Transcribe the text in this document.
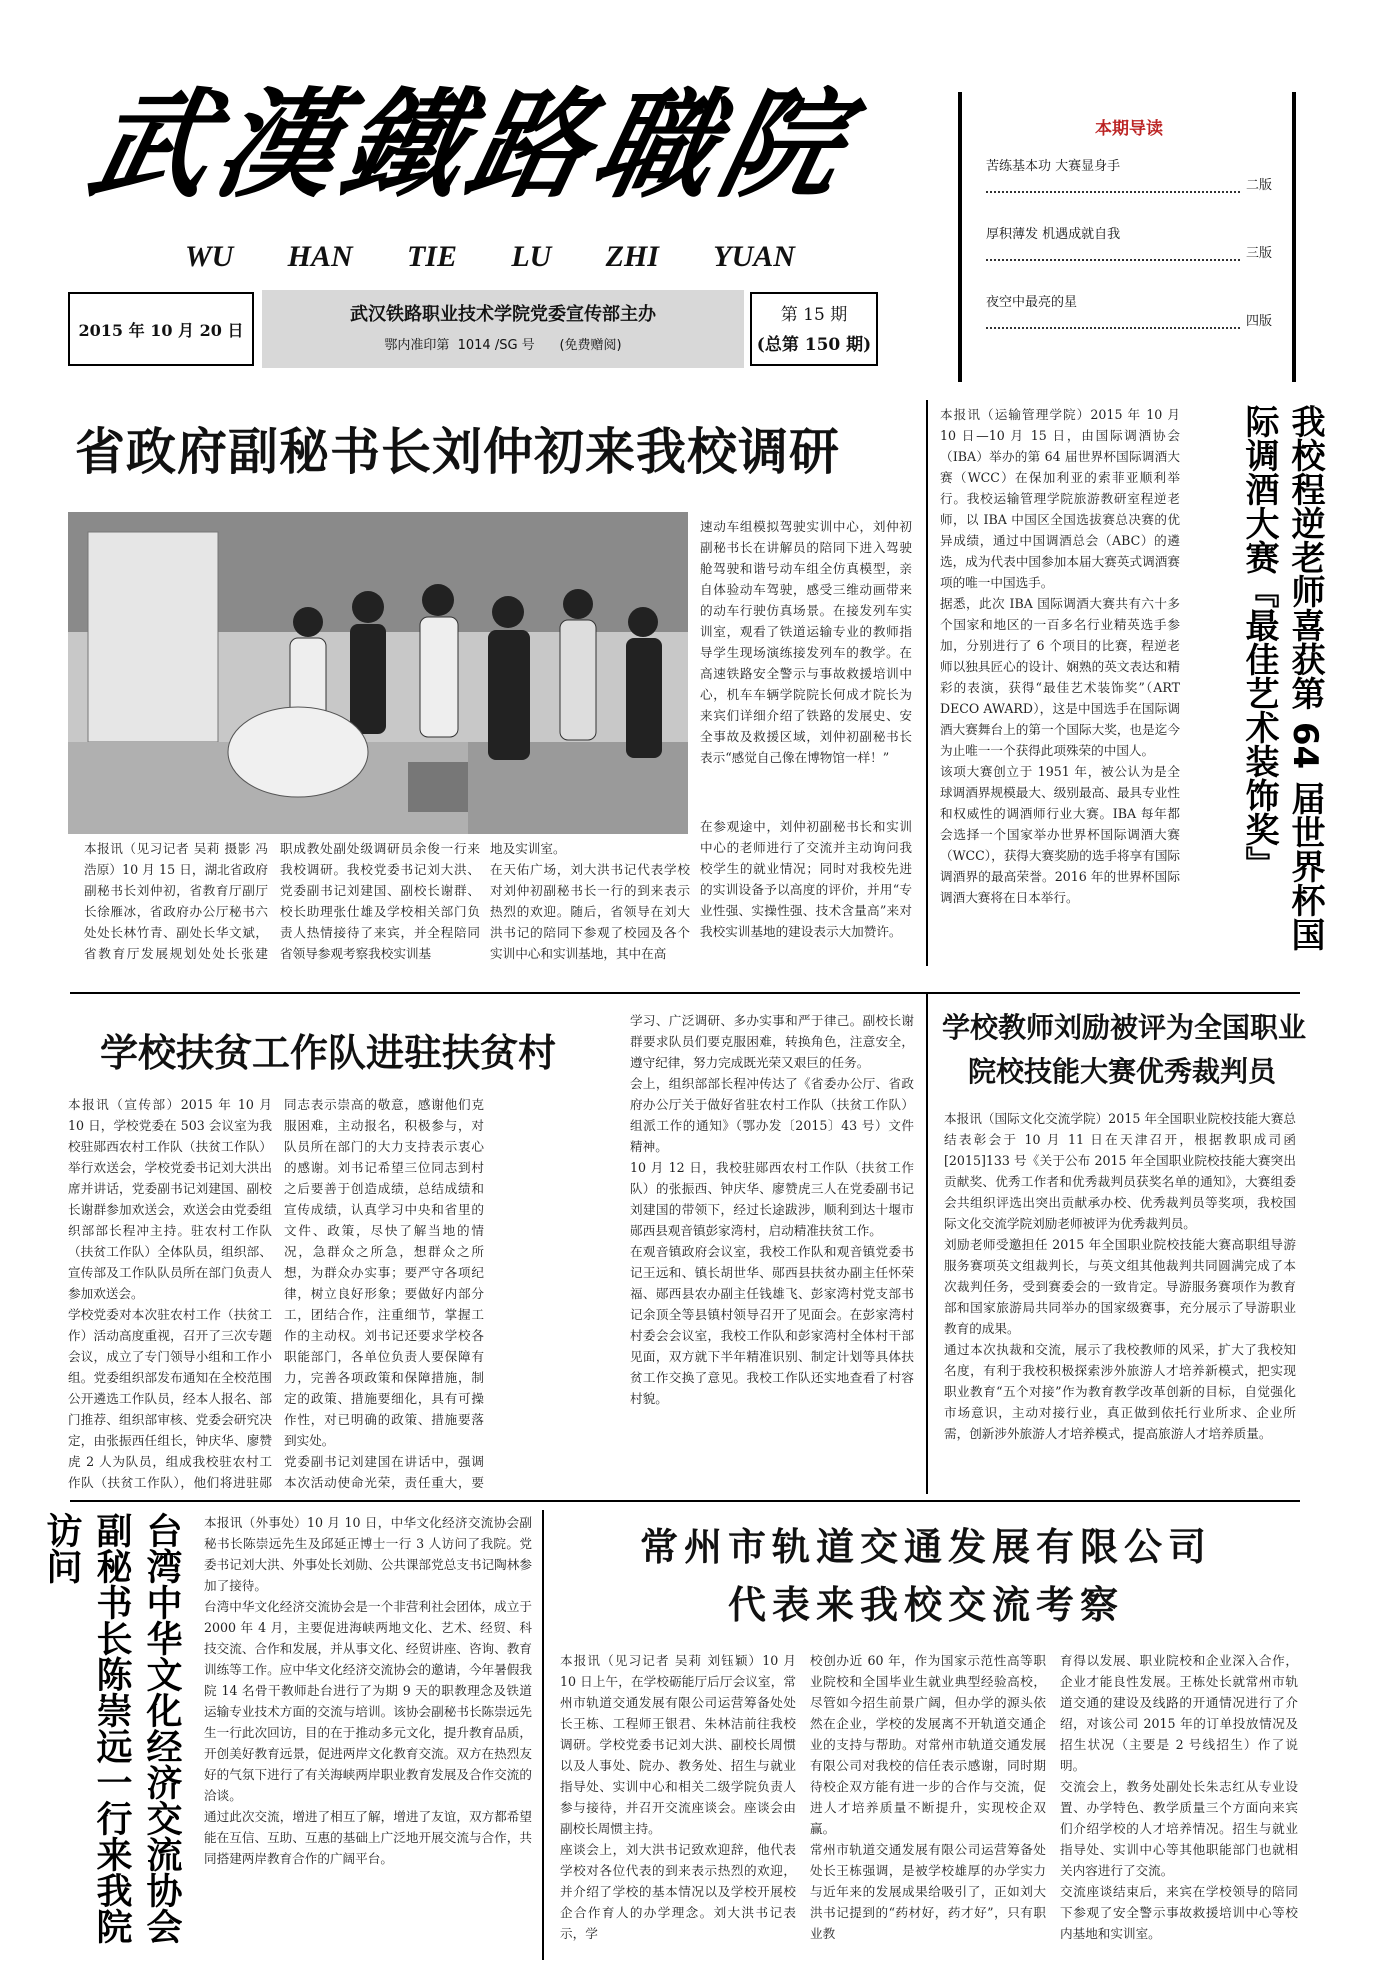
武漢鐵路職院
WU HAN TIE LU ZHI YUAN
2015 年 10 月 20 日
武汉铁路职业技术学院党委宣传部主办
鄂内准印第  1014 /SG 号      (免费赠阅)
第 15 期
(总第 150 期)
本期导读
苦练基本功 大赛显身手
二版
厚积薄发 机遇成就自我
三版
夜空中最亮的星
四版
省政府副秘书长刘仲初来我校调研
速动车组模拟驾驶实训中心，刘仲初副秘书长在讲解员的陪同下进入驾驶舱驾驶和谐号动车组全仿真模型，亲自体验动车驾驶，感受三维动画带来的动车行驶仿真场景。在接发列车实训室，观看了铁道运输专业的教师指导学生现场演练接发列车的教学。在高速铁路安全警示与事故救援培训中心，机车车辆学院院长何成才院长为来宾们详细介绍了铁路的发展史、安全事故及救援区域，刘仲初副秘书长表示“感觉自己像在博物馆一样！”
本报讯（见习记者 吴莉 摄影 冯浩原）10 月 15 日，湖北省政府副秘书长刘仲初，省教育厅副厅长徐雁冰，省政府办公厅秘书六处处长林竹青、副处长华文斌，省教育厅发展规划处处长张建
职成教处副处级调研员余俊一行来我校调研。我校党委书记刘大洪、党委副书记刘建国、副校长谢群、校长助理张仕雄及学校相关部门负责人热情接待了来宾，并全程陪同省领导参观考察我校实训基
地及实训室。
在天佑广场，刘大洪书记代表学校对刘仲初副秘书长一行的到来表示热烈的欢迎。随后，省领导在刘大洪书记的陪同下参观了校园及各个实训中心和实训基地，其中在高
在参观途中，刘仲初副秘书长和实训中心的老师进行了交流并主动询问我校学生的就业情况；同时对我校先进的实训设备予以高度的评价，并用“专业性强、实操性强、技术含量高”来对我校实训基地的建设表示大加赞许。	我校程逆老师喜获第 64 届世界杯国际调酒大赛『最佳艺术装饰奖』
本报讯（运输管理学院）2015 年 10 月 10 日—10 月 15 日，由国际调酒协会（IBA）举办的第 64 届世界杯国际调酒大赛（WCC）在保加利亚的索菲亚顺利举行。我校运输管理学院旅游教研室程逆老师，以 IBA 中国区全国选拔赛总决赛的优异成绩，通过中国调酒总会（ABC）的遴选，成为代表中国参加本届大赛英式调酒赛项的唯一中国选手。
据悉，此次 IBA 国际调酒大赛共有六十多个国家和地区的一百多名行业精英选手参加，分别进行了 6 个项目的比赛，程逆老师以独具匠心的设计、娴熟的英文表达和精彩的表演，获得“最佳艺术装饰奖”（ART DECO AWARD），这是中国选手在国际调酒大赛舞台上的第一个国际大奖，也是迄今为止唯一一个获得此项殊荣的中国人。
该项大赛创立于 1951 年，被公认为是全球调酒界规模最大、级别最高、最具专业性和权威性的调酒师行业大赛。IBA 每年都会选择一个国家举办世界杯国际调酒大赛（WCC），获得大赛奖励的选手将享有国际调酒界的最高荣誉。2016 年的世界杯国际调酒大赛将在日本举行。
学校扶贫工作队进驻扶贫村
本报讯（宣传部）2015 年 10 月 10 日，学校党委在 503 会议室为我校驻郧西农村工作队（扶贫工作队）举行欢送会，学校党委书记刘大洪出席并讲话，党委副书记刘建国、副校长谢群参加欢送会，欢送会由党委组织部部长程冲主持。驻农村工作队（扶贫工作队）全体队员，组织部、宣传部及工作队队员所在部门负责人参加欢送会。
学校党委对本次驻农村工作（扶贫工作）活动高度重视，召开了三次专题会议，成立了专门领导小组和工作小组。党委组织部发布通知在全校范围公开遴选工作队员，经本人报名、部门推荐、组织部审核、党委会研究决定，由张振西任组长，钟庆华、廖赞虎 2 人为队员，组成我校驻农村工作队（扶贫工作队），他们将进驻郧

同志表示崇高的敬意，感谢他们克服困难，主动报名，积极参与，对队员所在部门的大力支持表示衷心的感谢。刘书记希望三位同志到村之后要善于创造成绩，总结成绩和宣传成绩，认真学习中央和省里的文件、政策，尽快了解当地的情况，急群众之所急，想群众之所想，为群众办实事；要严守各项纪律，树立良好形象；要做好内部分工，团结合作，注重细节，掌握工作的主动权。刘书记还要求学校各职能部门，各单位负责人要保障有力，完善各项政策和保障措施，制定的政策、措施要细化，具有可操作性，对已明确的政策、措施要落到实处。
党委副书记刘建国在讲话中，强调本次活动使命光荣，责任重大，要
学习、广泛调研、多办实事和严于律己。副校长谢群要求队员们要克服困难，转换角色，注意安全，遵守纪律，努力完成既光荣又艰巨的任务。
会上，组织部部长程冲传达了《省委办公厅、省政府办公厅关于做好省驻农村工作队（扶贫工作队）组派工作的通知》（鄂办发〔2015〕43 号）文件精神。
10 月 12 日，我校驻郧西农村工作队（扶贫工作队）的张振西、钟庆华、廖赞虎三人在党委副书记刘建国的带领下，经过长途跋涉，顺利到达十堰市郧西县观音镇彭家湾村，启动精准扶贫工作。
在观音镇政府会议室，我校工作队和观音镇党委书记王远和、镇长胡世华、郧西县扶贫办副主任怀荣福、郧西县农办副主任钱雄飞、彭家湾村党支部书记余顶全等县镇村领导召开了见面会。在彭家湾村村委会会议室，我校工作队和彭家湾村全体村干部见面，双方就下半年精准识别、制定计划等具体扶贫工作交换了意见。我校工作队还实地查看了村容村貌。
学校教师刘励被评为全国职业
院校技能大赛优秀裁判员
本报讯（国际文化交流学院）2015 年全国职业院校技能大赛总结表彰会于 10 月 11 日在天津召开，根据教职成司函[2015]133 号《关于公布 2015 年全国职业院校技能大赛突出贡献奖、优秀工作者和优秀裁判员获奖名单的通知》，大赛组委会共组织评选出突出贡献承办校、优秀裁判员等奖项，我校国际文化交流学院刘励老师被评为优秀裁判员。
刘励老师受邀担任 2015 年全国职业院校技能大赛高职组导游服务赛项英文组裁判长，与英文组其他裁判共同圆满完成了本次裁判任务，受到赛委会的一致肯定。导游服务赛项作为教育部和国家旅游局共同举办的国家级赛事，充分展示了导游职业教育的成果。
通过本次执裁和交流，展示了我校教师的风采，扩大了我校知名度，有利于我校积极探索涉外旅游人才培养新模式，把实现职业教育“五个对接”作为教育教学改革创新的目标，自觉强化市场意识，主动对接行业，真正做到依托行业所求、企业所需，创新涉外旅游人才培养模式，提高旅游人才培养质量。
台湾中华文化经济交流协会副秘书长陈崇远一行来我院访问	本报讯（外事处）10 月 10 日，中华文化经济交流协会副秘书长陈崇远先生及邱延正博士一行 3 人访问了我院。党委书记刘大洪、外事处长刘勋、公共课部党总支书记陶林参加了接待。
台湾中华文化经济交流协会是一个非营利社会团体，成立于 2000 年 4 月，主要促进海峡两地文化、艺术、经贸、科技交流、合作和发展，并从事文化、经贸讲座、咨询、教育训练等工作。应中华文化经济交流协会的邀请，今年暑假我院 14 名骨干教师赴台进行了为期 9 天的职教理念及铁道运输专业技术方面的交流与培训。该协会副秘书长陈崇远先生一行此次回访，目的在于推动多元文化，提升教育品质，开创美好教育远景，促进两岸文化教育交流。双方在热烈友好的气氛下进行了有关海峡两岸职业教育发展及合作交流的洽谈。
通过此次交流，增进了相互了解，增进了友谊，双方都希望能在互信、互助、互惠的基础上广泛地开展交流与合作，共同搭建两岸教育合作的广阔平台。
常州市轨道交通发展有限公司
代表来我校交流考察
本报讯（见习记者 吴莉 刘钰颖）10 月 10 日上午，在学校砺能厅后厅会议室，常州市轨道交通发展有限公司运营筹备处处长王栋、工程师王银君、朱林洁前往我校调研。学校党委书记刘大洪、副校长周惯以及人事处、院办、教务处、招生与就业指导处、实训中心和相关二级学院负责人参与接待，并召开交流座谈会。座谈会由副校长周惯主持。
座谈会上，刘大洪书记致欢迎辞，他代表学校对各位代表的到来表示热烈的欢迎，并介绍了学校的基本情况以及学校开展校企合作育人的办学理念。刘大洪书记表示，学
校创办近 60 年，作为国家示范性高等职业院校和全国毕业生就业典型经验高校，尽管如今招生前景广阔，但办学的源头依然在企业，学校的发展离不开轨道交通企业的支持与帮助。对常州市轨道交通发展有限公司对我校的信任表示感谢，同时期待校企双方能有进一步的合作与交流，促进人才培养质量不断提升，实现校企双赢。
常州市轨道交通发展有限公司运营筹备处处长王栋强调，是被学校雄厚的办学实力与近年来的发展成果给吸引了，正如刘大洪书记提到的“药材好，药才好”，只有职业教
育得以发展、职业院校和企业深入合作，企业才能良性发展。王栋处长就常州市轨道交通的建设及线路的开通情况进行了介绍，对该公司 2015 年的订单投放情况及招生状况（主要是 2 号线招生）作了说明。
交流会上，教务处副处长朱志红从专业设置、办学特色、教学质量三个方面向来宾们介绍学校的人才培养情况。招生与就业指导处、实训中心等其他职能部门也就相关内容进行了交流。
交流座谈结束后，来宾在学校领导的陪同下参观了安全警示事故救援培训中心等校内基地和实训室。
